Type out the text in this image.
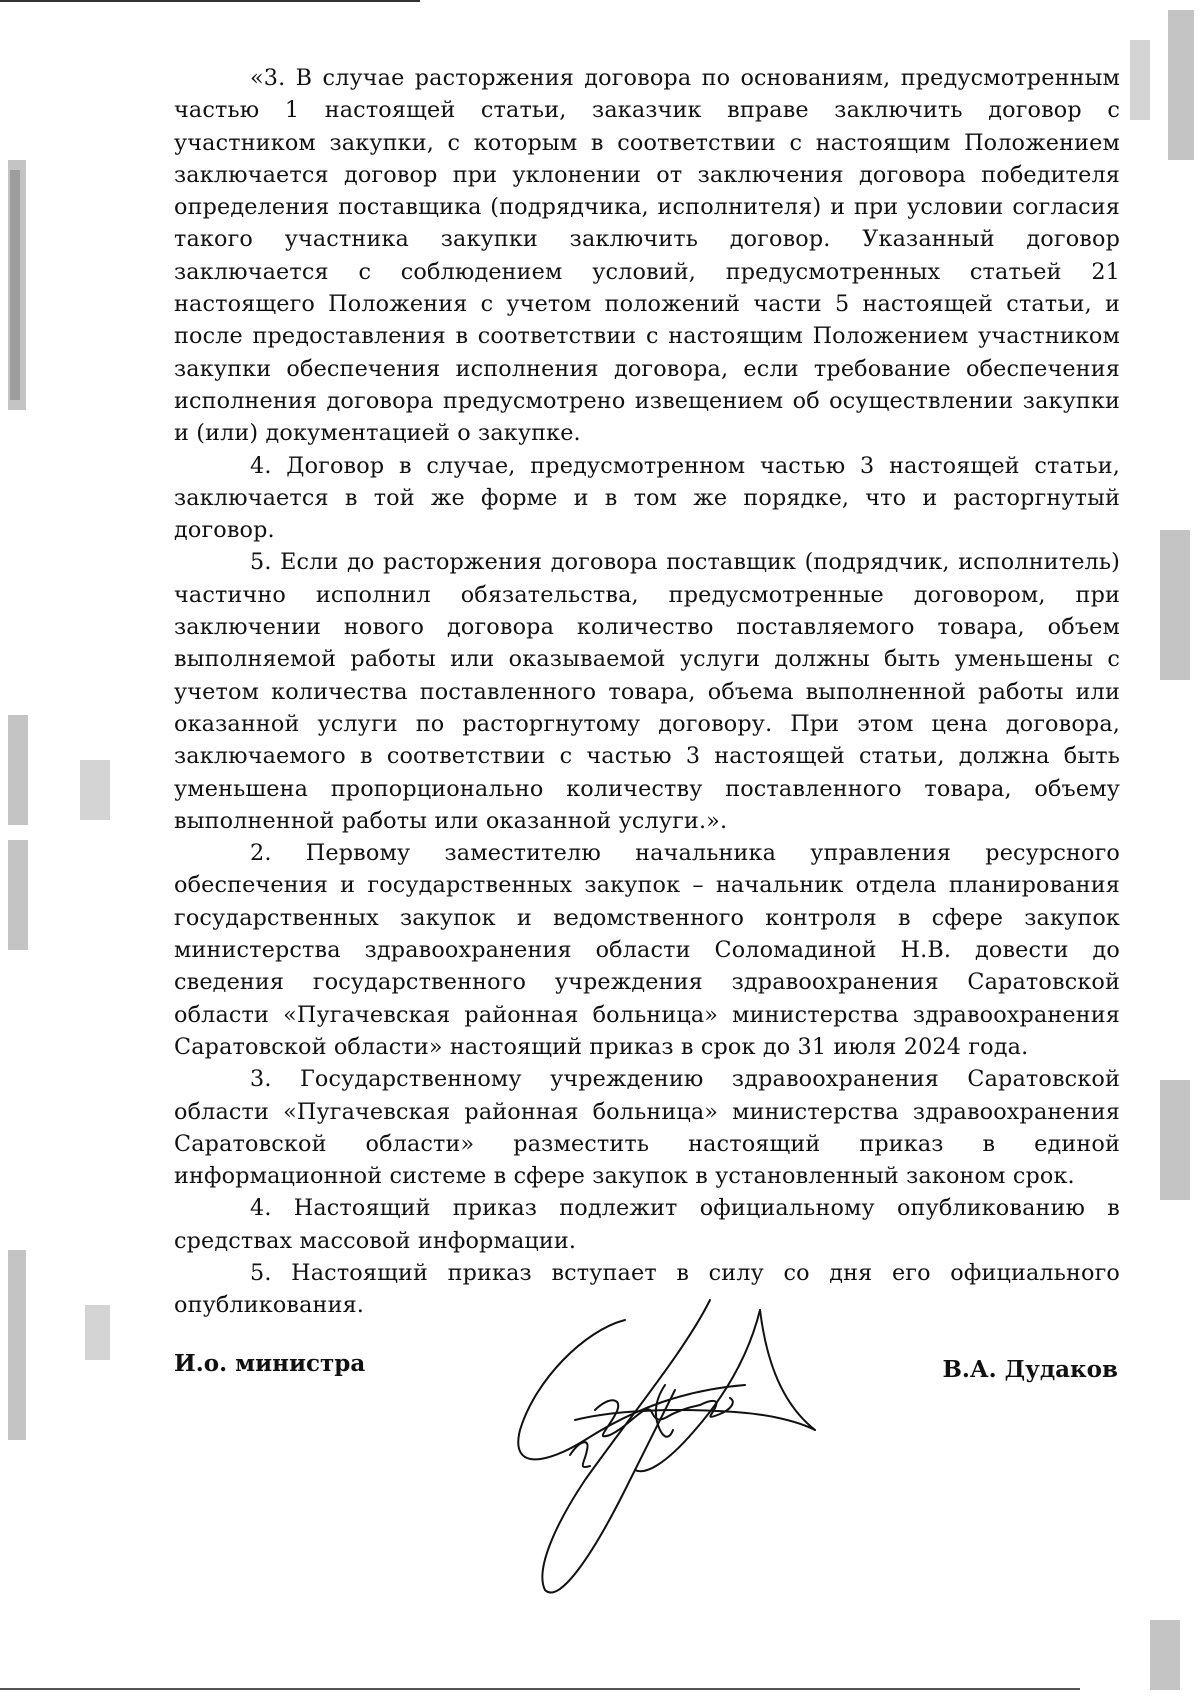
«3. В случае расторжения договора по основаниям, предусмотренным частью 1 настоящей статьи, заказчик вправе заключить договор с участником закупки, с которым в соответствии с настоящим Положением заключается договор при уклонении от заключения договора победителя определения поставщика (подрядчика, исполнителя) и при условии согласия такого участника закупки заключить договор. Указанный договор заключается с соблюдением условий, предусмотренных статьей 21 настоящего Положения с учетом положений части 5 настоящей статьи, и после предоставления в соответствии с настоящим Положением участником закупки обеспечения исполнения договора, если требование обеспечения исполнения договора предусмотрено извещением об осуществлении закупки и (или) документацией о закупке.

4. Договор в случае, предусмотренном частью 3 настоящей статьи, заключается в той же форме и в том же порядке, что и расторгнутый договор.

5. Если до расторжения договора поставщик (подрядчик, исполнитель) частично исполнил обязательства, предусмотренные договором, при заключении нового договора количество поставляемого товара, объем выполняемой работы или оказываемой услуги должны быть уменьшены с учетом количества поставленного товара, объема выполненной работы или оказанной услуги по расторгнутому договору. При этом цена договора, заключаемого в соответствии с частью 3 настоящей статьи, должна быть уменьшена пропорционально количеству поставленного товара, объему выполненной работы или оказанной услуги.».

2. Первому заместителю начальника управления ресурсного обеспечения и государственных закупок – начальник отдела планирования государственных закупок и ведомственного контроля в сфере закупок министерства здравоохранения области Соломадиной Н.В. довести до сведения государственного учреждения здравоохранения Саратовской области «Пугачевская районная больница» министерства здравоохранения Саратовской области» настоящий приказ в срок до 31 июля 2024 года.

3. Государственному учреждению здравоохранения Саратовской области «Пугачевская районная больница» министерства здравоохранения Саратовской области» разместить настоящий приказ в единой информационной системе в сфере закупок в установленный законом срок.

4. Настоящий приказ подлежит официальному опубликованию в средствах массовой информации.

5. Настоящий приказ вступает в силу со дня его официального опубликования.

И.о. министра	В.А. Дудаков
